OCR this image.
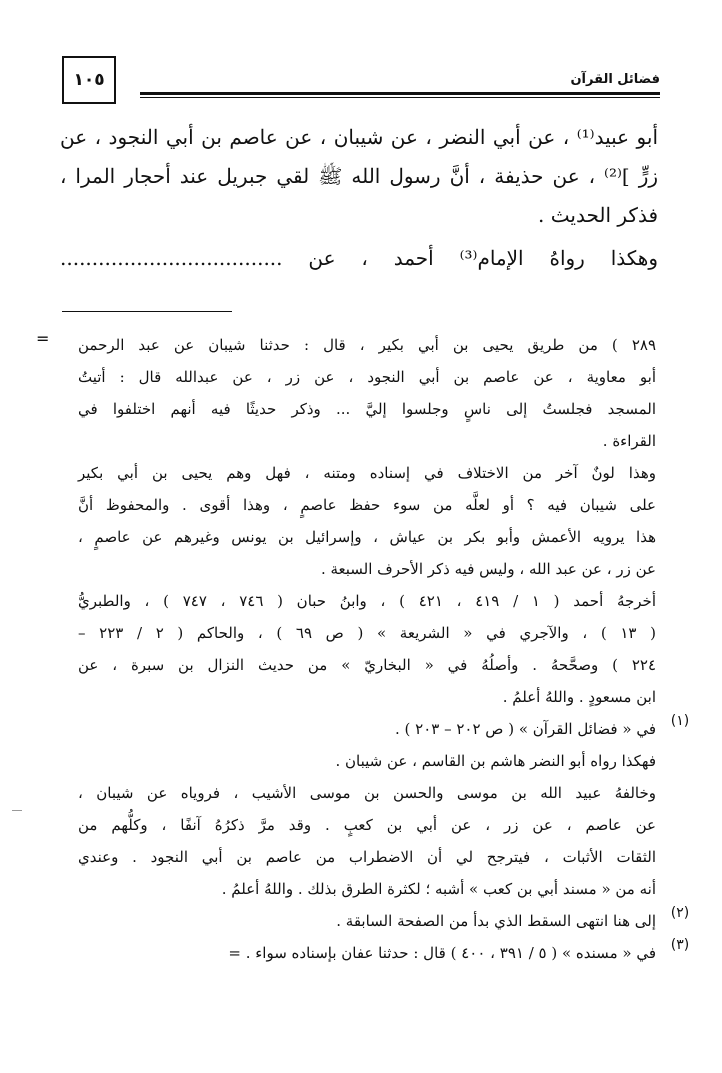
١٠٥	فضائل القرآن
أبو عبيد⁽¹⁾ ، عن أبي النضر ، عن شيبان ، عن عاصم بن أبي النجود ، عن
زرٍّ ]⁽²⁾ ، عن حذيفة ، أنَّ رسول الله ﷺ لقي جبريل عند أحجار المرا ،
فذكر الحديث .
وهكذا رواهُ الإمام⁽³⁾ أحمد ، عن ...................................
= ٢٨٩ ) من طريق يحيى بن أبي بكير ، قال : حدثنا شيبان عن عبد الرحمن
أبو معاوية ، عن عاصم بن أبي النجود ، عن زر ، عن عبدالله قال : أتيتُ
المسجد فجلستُ إلى ناسٍ وجلسوا إليَّ ... وذكر حديثًا فيه أنهم اختلفوا في
القراءة .
وهذا لونٌ آخر من الاختلاف في إسناده ومتنه ، فهل وهم يحيى بن أبي بكير
على شيبان فيه ؟ أو لعلَّه من سوء حفظ عاصمٍ ، وهذا أقوى . والمحفوظ أنَّ
هذا يرويه الأعمش وأبو بكر بن عياش ، وإسرائيل بن يونس وغيرهم عن عاصمٍ ،
عن زر ، عن عبد الله ، وليس فيه ذكر الأحرف السبعة .
أخرجهُ أحمد ( ١ / ٤١٩ ، ٤٢١ ) ، وابنُ حبان ( ٧٤٦ ، ٧٤٧ ) ، والطبريُّ
( ١٣ ) ، والآجري في « الشريعة » ( ص ٦٩ ) ، والحاكم ( ٢ / ٢٢٣ –
٢٢٤ ) وصحَّحهُ . وأصلُهُ في « البخاريّ » من حديث النزال بن سبرة ، عن
ابن مسعودٍ . واللهُ أعلمُ .
(١)
في « فضائل القرآن » ( ص ٢٠٢ – ٢٠٣ ) .
فهكذا رواه أبو النضر هاشم بن القاسم ، عن شيبان .
وخالفهُ عبيد الله بن موسى والحسن بن موسى الأشيب ، فروياه عن شيبان ،
عن عاصم ، عن زر ، عن أبي بن كعبٍ . وقد مرَّ ذكرُهُ آنفًا ، وكلُّهم من
الثقات الأثبات ، فيترجح لي أن الاضطراب من عاصم بن أبي النجود . وعندي
أنه من « مسند أبي بن كعب » أشبه ؛ لكثرة الطرق بذلك . واللهُ أعلمُ .
(٢)
إلى هنا انتهى السقط الذي بدأ من الصفحة السابقة .
(٣)
في « مسنده » ( ٥ / ٣٩١ ، ٤٠٠ ) قال : حدثنا عفان بإسناده سواء . =
